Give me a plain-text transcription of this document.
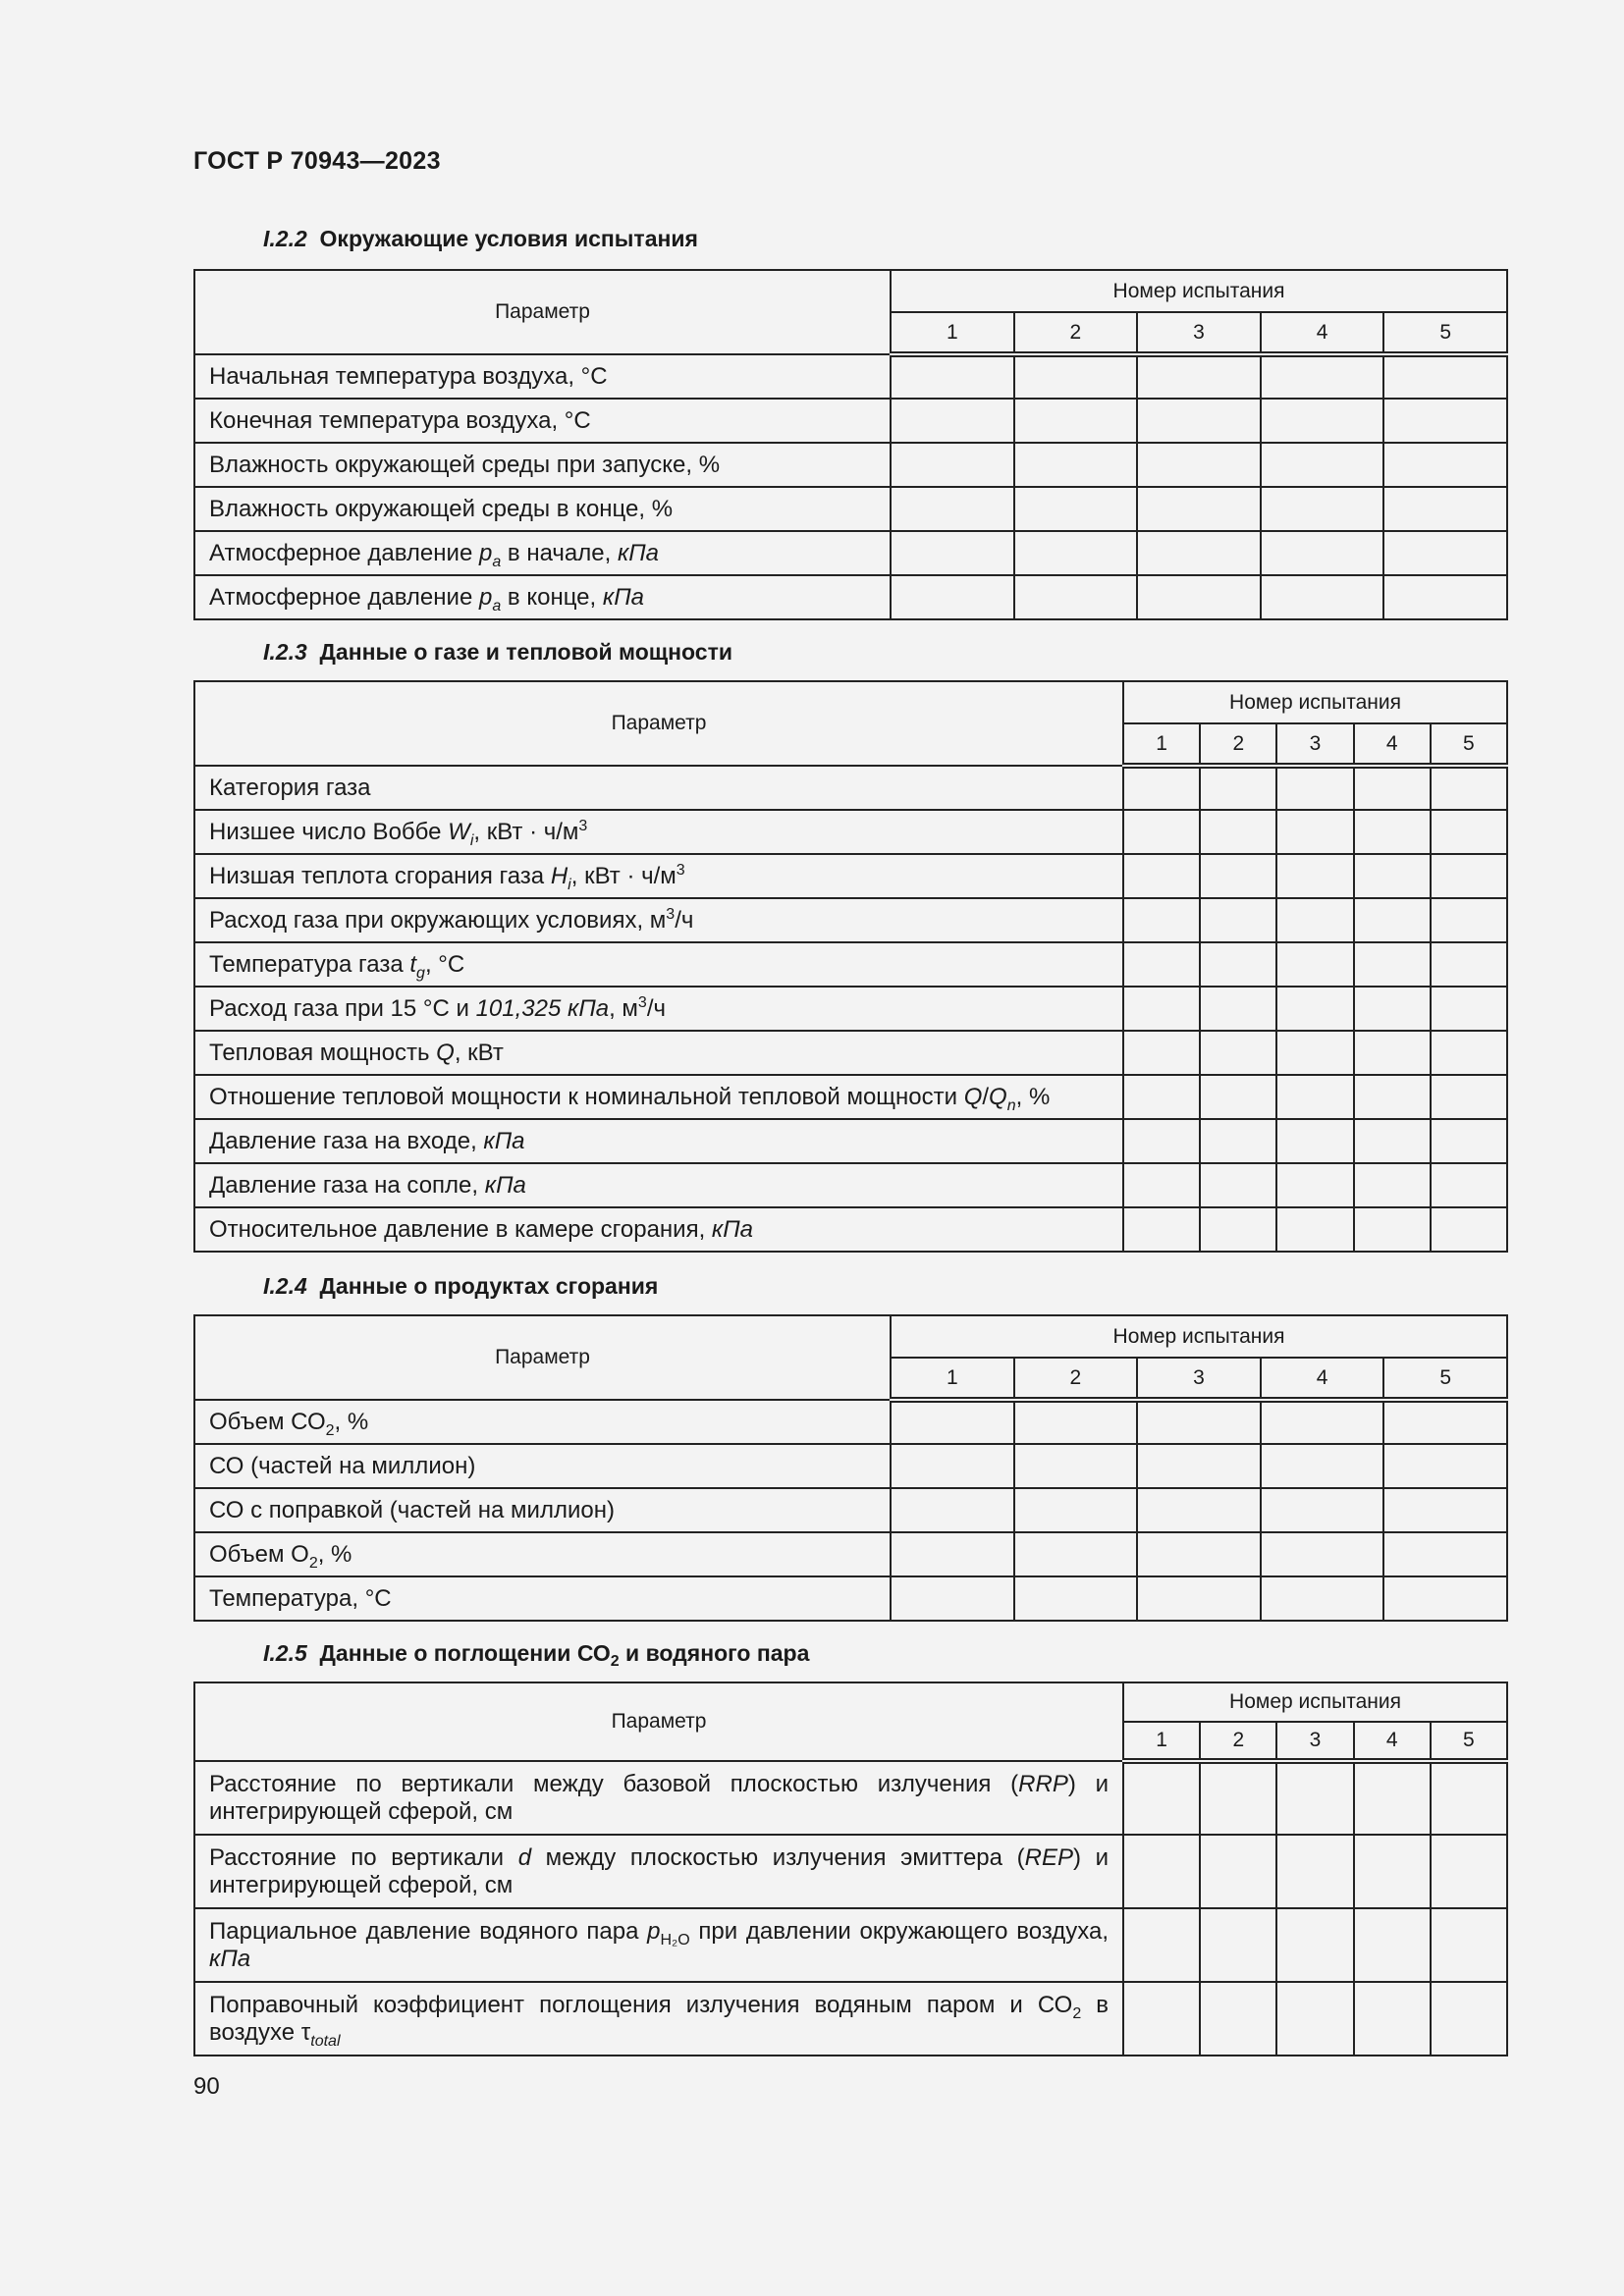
ГОСТ Р 70943—2023
I.2.2 Окружающие условия испытания
Параметр	Номер испытания				
	1	2	3	4	5
Начальная температура воздуха, °С					
Конечная температура воздуха, °С					
Влажность окружающей среды при запуске, %					
Влажность окружающей среды в конце, %					
Атмосферное давление $p_a$ в начале, кПа					
Атмосферное давление $p_a$ в конце, кПа					
I.2.3 Данные о газе и тепловой мощности
Параметр	Номер испытания				
	1	2	3	4	5
Категория газа					
Низшее число Воббе $W_i$, кВт · $ч/м^3$					
Низшая теплота сгорания газа $H_i$, кВт · $ч/м^3$					
Расход газа при окружающих условиях, $м^3/ч$					
Температура газа $t_g$, °С					
Расход газа при 15 °С и 101,325 кПа, $м^3/ч$					
Тепловая мощность Q, кВт					
Отношение тепловой мощности к номинальной тепловой мощности $Q/Q_n$, %					
Давление газа на входе, кПа					
Давление газа на сопле, кПа					
Относительное давление в камере сгорания, кПа					
I.2.4 Данные о продуктах сгорания
Параметр	Номер испытания				
	1	2	3	4	5
Объем $СО_2$, %					
СО (частей на миллион)					
СО с поправкой (частей на миллион)					
Объем $О_2$, %					
Температура, °С					
I.2.5 Данные о поглощении $СО_2$ и водяного пара
Параметр	Номер испытания				
	1	2	3	4	5
Расстояние по вертикали между базовой плоскостью излучения (RRP) и интегрирующей сферой, см					
Расстояние по вертикали d между плоскостью излучения эмиттера (REP) и интегрирующей сферой, см					
Парциальное давление водяного пара $p_{H_2O}$ при давлении окружающего воздуха, кПа					
Поправочный коэффициент поглощения излучения водяным паром и $СО_2$ в воздухе $\tau_{total}$					
90
